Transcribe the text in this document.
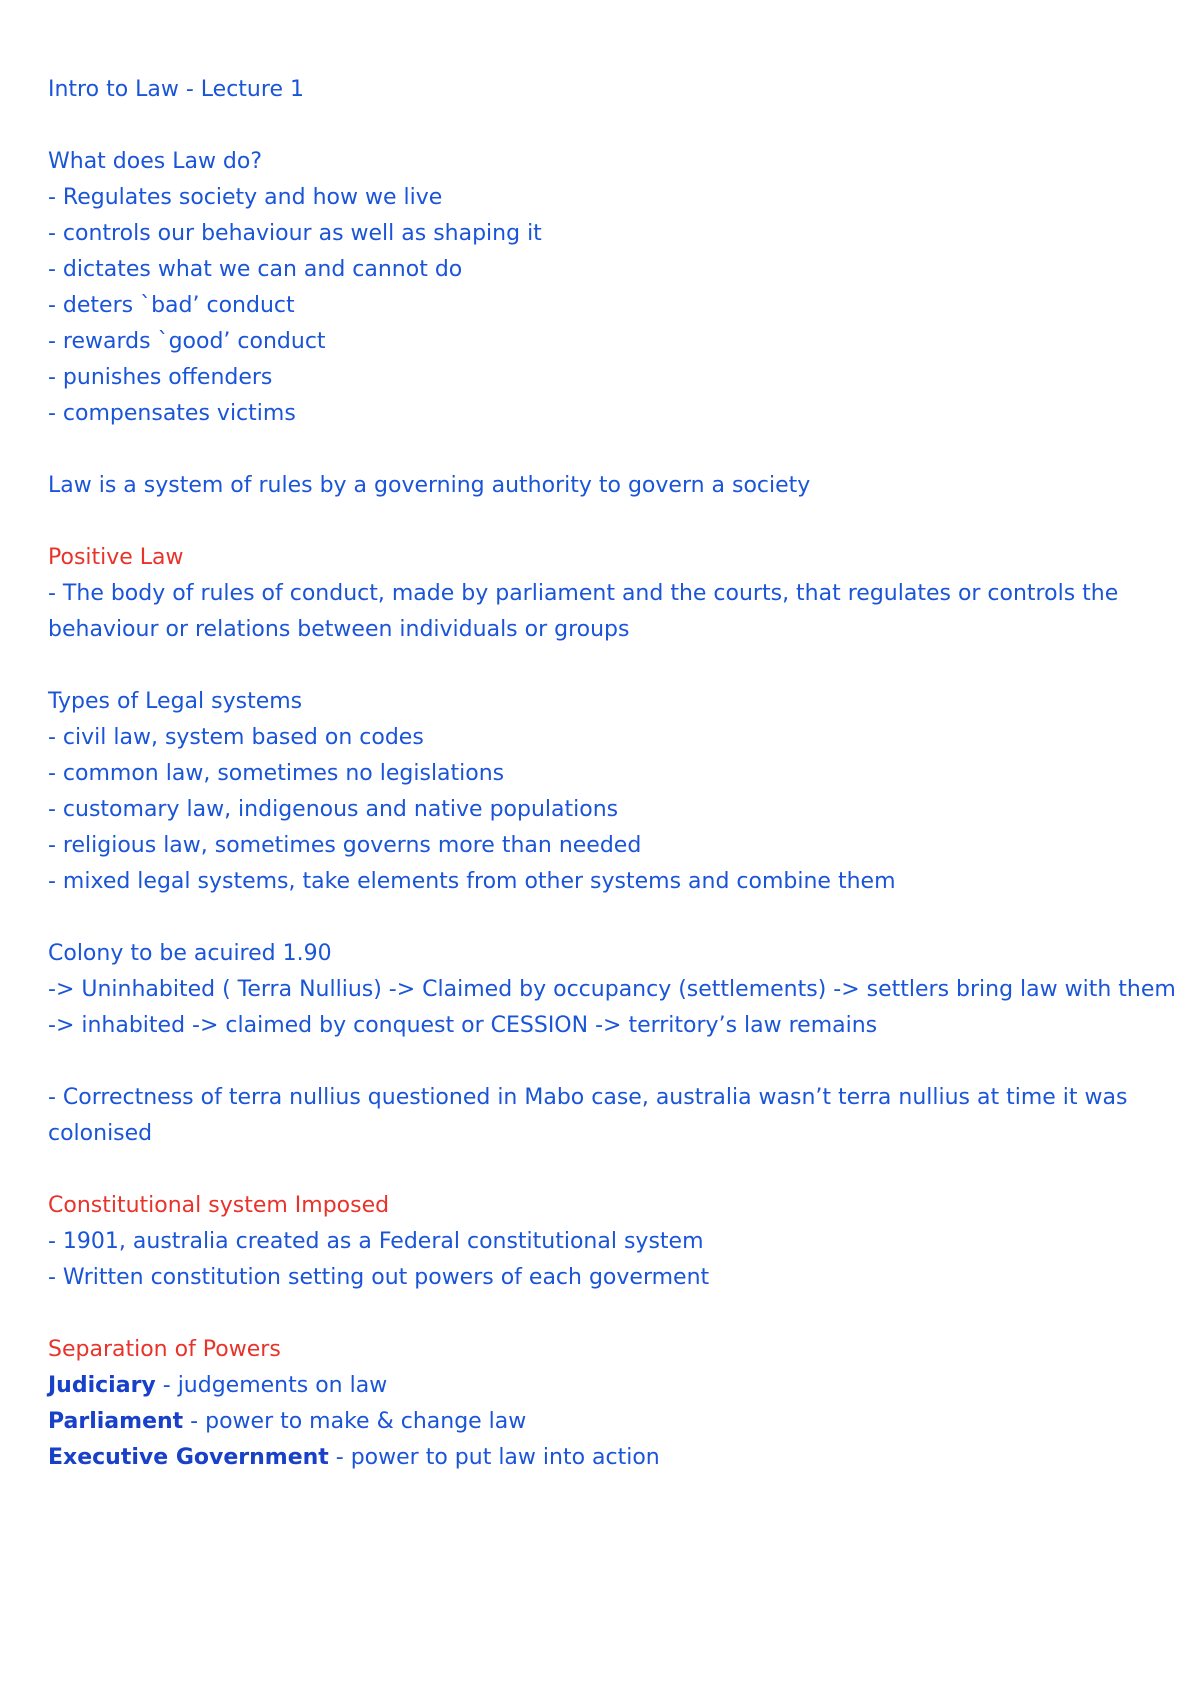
Intro to Law - Lecture 1

What does Law do?

- Regulates society and how we live

- controls our behaviour as well as shaping it

- dictates what we can and cannot do

- deters `bad’ conduct

- rewards `good’ conduct

- punishes offenders

- compensates victims

Law is a system of rules by a governing authority to govern a society

Positive Law

- The body of rules of conduct, made by parliament and the courts, that regulates or controls the behaviour or relations between individuals or groups

Types of Legal systems

- civil law, system based on codes

- common law, sometimes no legislations

- customary law, indigenous and native populations

- religious law, sometimes governs more than needed

- mixed legal systems, take elements from other systems and combine them

Colony to be acuired 1.90

-> Uninhabited ( Terra Nullius) -> Claimed by occupancy (settlements) -> settlers bring law with them

-> inhabited -> claimed by conquest or CESSION -> territory’s law remains

- Correctness of terra nullius questioned in Mabo case, australia wasn’t terra nullius at time it was colonised

Constitutional system Imposed

- 1901, australia created as a Federal constitutional system

- Written constitution setting out powers of each goverment

Separation of Powers

Judiciary - judgements on law

Parliament - power to make & change law

Executive Government - power to put law into action
